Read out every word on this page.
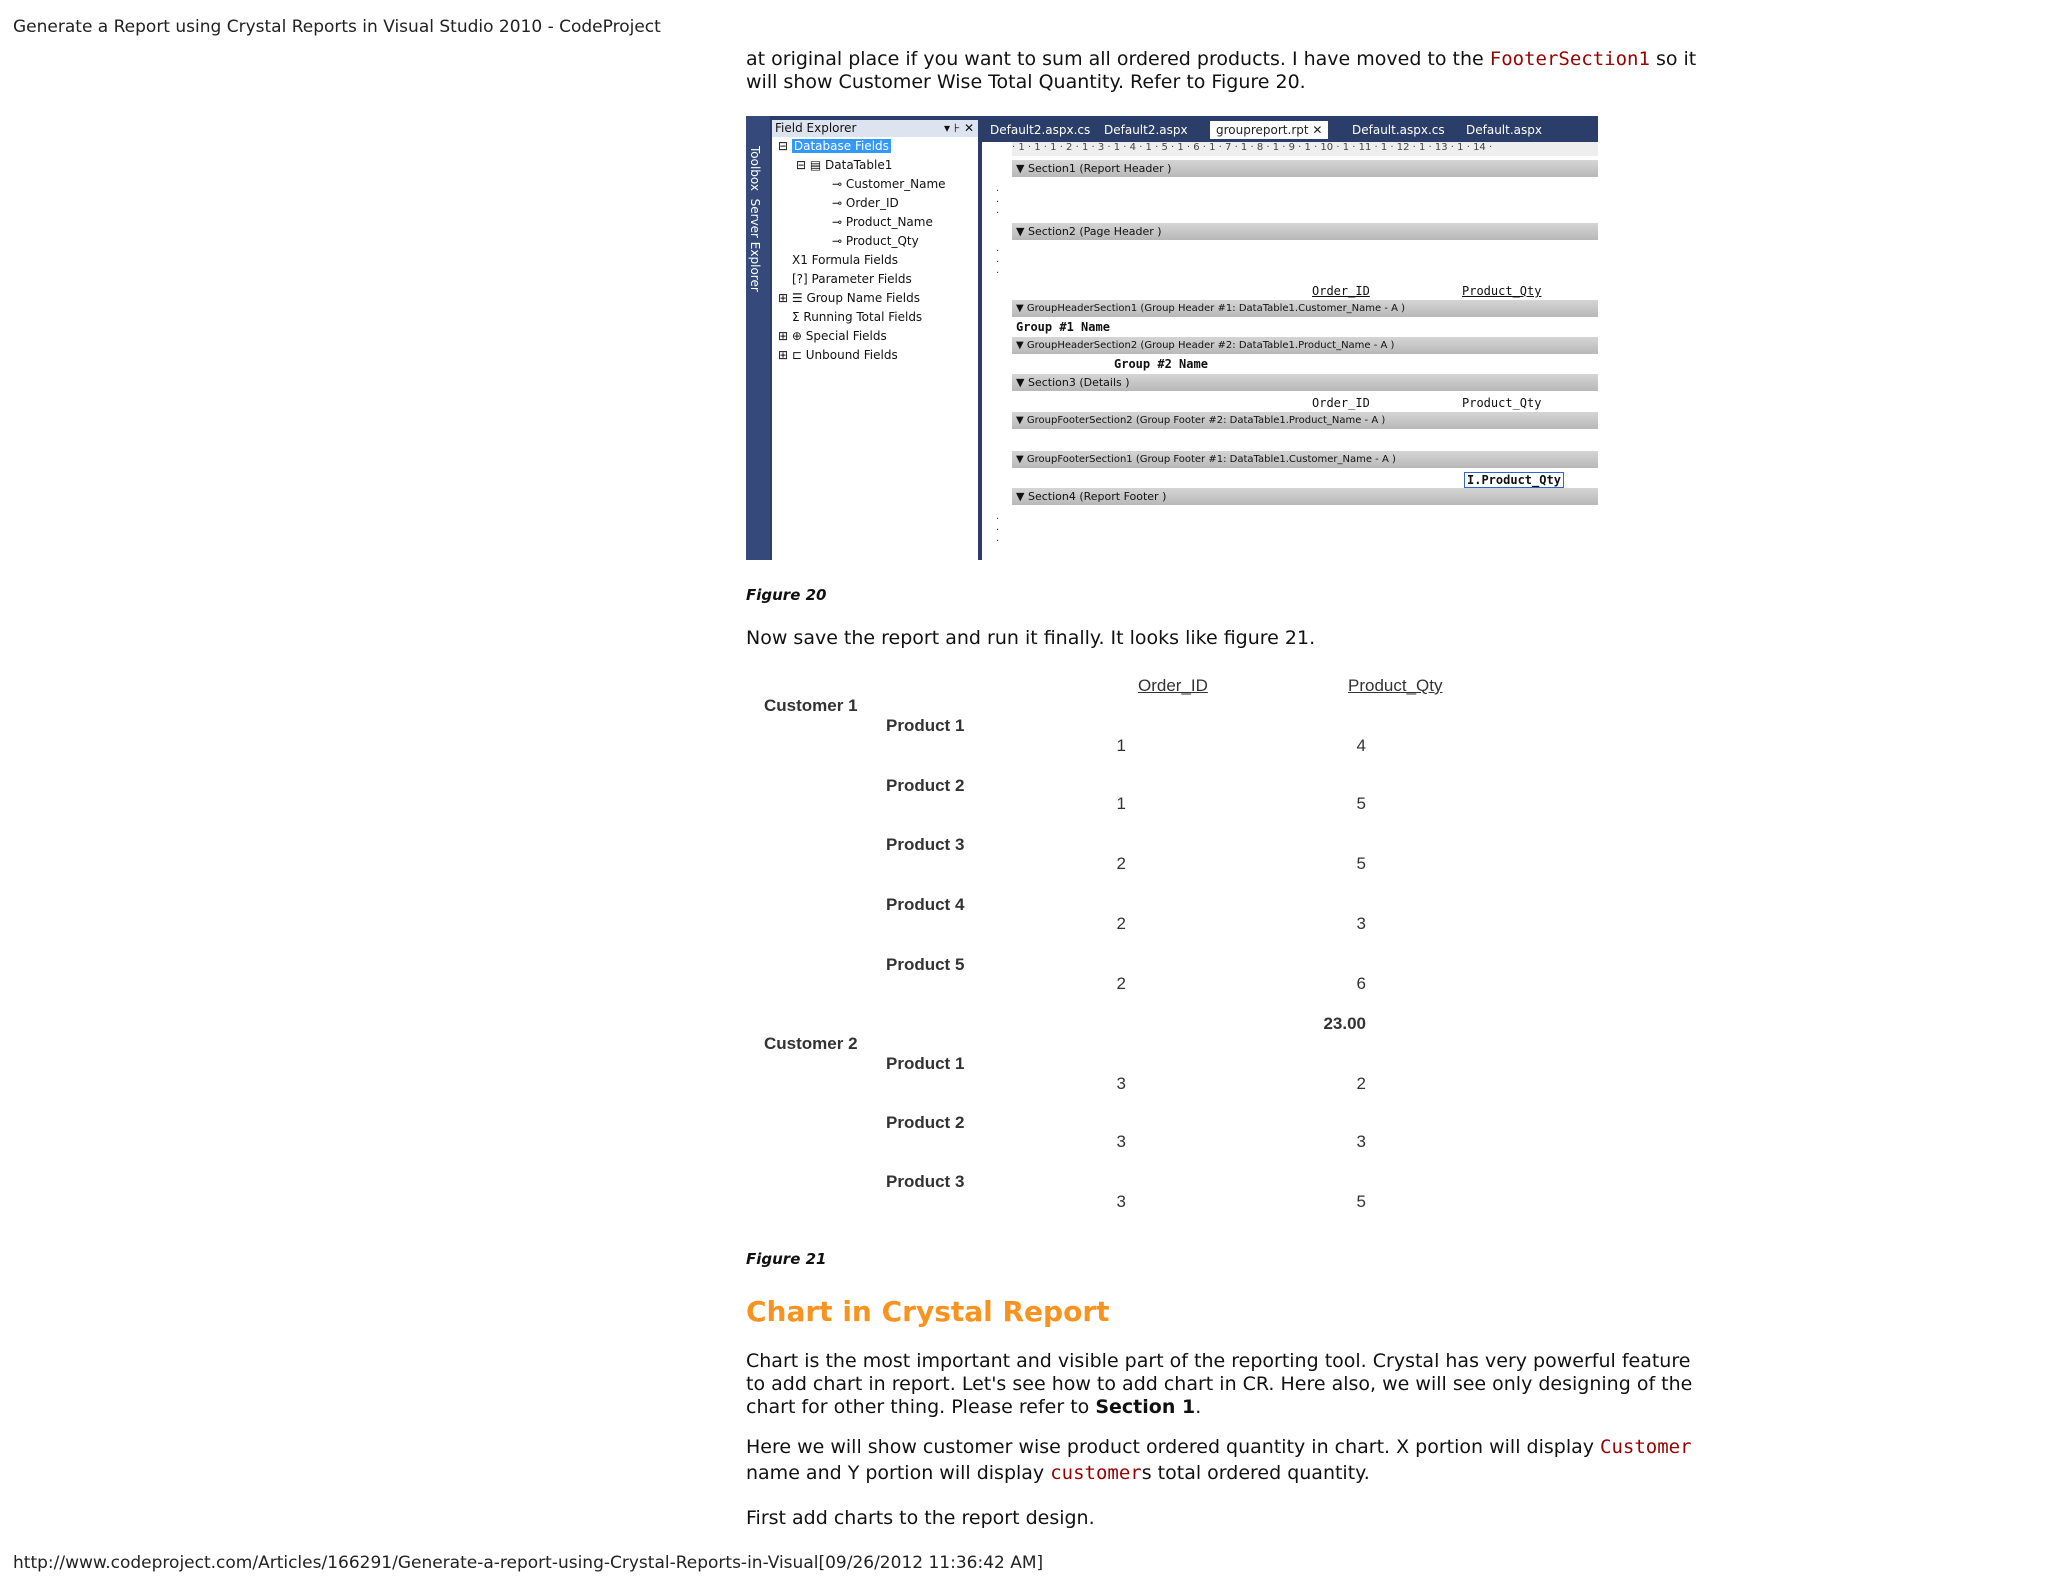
Generate a Report using Crystal Reports in Visual Studio 2010 - CodeProject

at original place if you want to sum all ordered products. I have moved to the FooterSection1 so it will show Customer Wise Total Quantity. Refer to Figure 20.

Toolbox  Server Explorer
Field Explorer	▾ ⊦ ✕
⊟ Database Fields
⊟ ▤ DataTable1
⊸ Customer_Name
⊸ Order_ID
⊸ Product_Name
⊸ Product_Qty
X1 Formula Fields
[?] Parameter Fields
⊞ ☰ Group Name Fields
Σ Running Total Fields
⊞ ⊕ Special Fields
⊞ ⊏ Unbound Fields
Default2.aspx.cs Default2.aspx	groupreport.rpt ✕	Default.aspx.cs Default.aspx
· 1 · 1 · 1 · 2 · 1 · 3 · 1 · 4 · 1 · 5 · 1 · 6 · 1 · 7 · 1 · 8 · 1 · 9 · 1 · 10 · 1 · 11 · 1 · 12 · 1 · 13 · 1 · 14 ·
▼ Section1 (Report Header )
·
·
·
▼ Section2 (Page Header )
·
·
·
Order_ID	Product_Qty
▼ GroupHeaderSection1 (Group Header #1: DataTable1.Customer_Name - A )
Group #1 Name
▼ GroupHeaderSection2 (Group Header #2: DataTable1.Product_Name - A )
Group #2 Name
▼ Section3 (Details )
Order_ID	Product_Qty
▼ GroupFooterSection2 (Group Footer #2: DataTable1.Product_Name - A )
▼ GroupFooterSection1 (Group Footer #1: DataTable1.Customer_Name - A )
I.Product_Qty
▼ Section4 (Report Footer )
·
·
·
Figure 20

Now save the report and run it finally. It looks like figure 21.

Order_ID	Product_Qty
Customer 1
Product 1
1	4
Product 2
1	5
Product 3
2	5
Product 4
2	3
Product 5
2	6
23.00
Customer 2
Product 1
3	2
Product 2
3	3
Product 3
3	5
Figure 21
Chart in Crystal Report

Chart is the most important and visible part of the reporting tool. Crystal has very powerful feature to add chart in report. Let's see how to add chart in CR. Here also, we will see only designing of the chart for other thing. Please refer to Section 1.

Here we will show customer wise product ordered quantity in chart. X portion will display Customer name and Y portion will display customers total ordered quantity.

First add charts to the report design.

http://www.codeproject.com/Articles/166291/Generate-a-report-using-Crystal-Reports-in-Visual[09/26/2012 11:36:42 AM]
